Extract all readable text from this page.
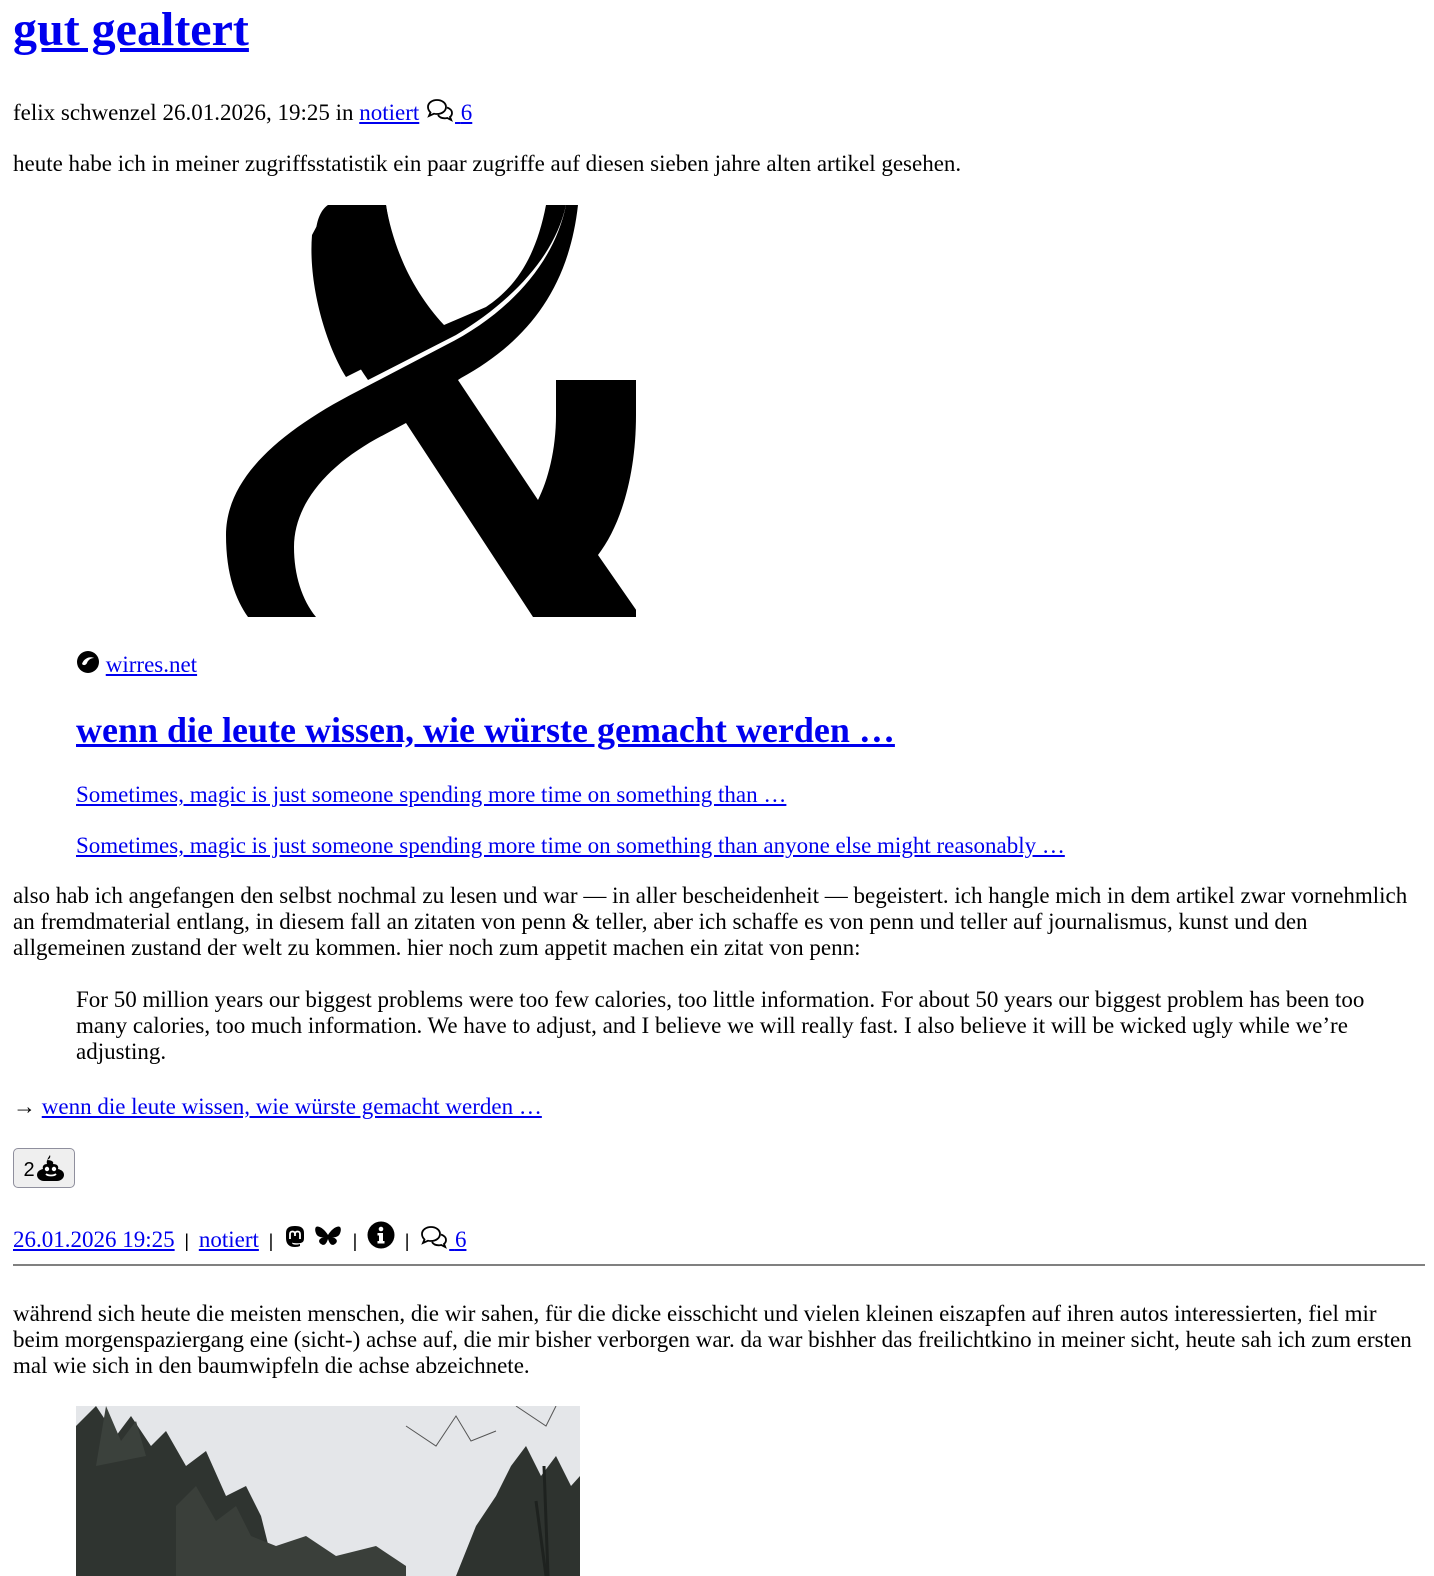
gut gealtert
felix schwenzel 26.01.2026, 19:25 in notiert 6

heute habe ich in meiner zugriffsstatistik ein paar zugriffe auf diesen sieben jahre alten artikel gesehen.

wirres.net
wenn die leute wissen, wie würste gemacht werden …
Sometimes, magic is just someone spending more time on something than …
Sometimes, magic is just someone spending more time on something than anyone else might reasonably …

also hab ich angefangen den selbst nochmal zu lesen und war — in aller bescheidenheit — begeistert. ich hangle mich in dem artikel zwar vornehmlich an fremdmaterial entlang, in diesem fall an zitaten von penn & teller, aber ich schaffe es von penn und teller auf journalismus, kunst und den allgemeinen zustand der welt zu kommen. hier noch zum appetit machen ein zitat von penn:

For 50 million years our biggest problems were too few calories, too little information. For about 50 years our biggest problem has been too many calories, too much information. We have to adjust, and I believe we will really fast. I also believe it will be wicked ugly while we’re adjusting.
→ wenn die leute wissen, wie würste gemacht werden …
2
26.01.2026 19:25 | notiert |	|	| 6

während sich heute die meisten menschen, die wir sahen, für die dicke eisschicht und vielen kleinen eiszapfen auf ihren autos interessierten, fiel mir beim morgenspaziergang eine (sicht-) achse auf, die mir bisher verborgen war. da war bishher das freilichtkino in meiner sicht, heute sah ich zum ersten mal wie sich in den baumwipfeln die achse abzeichnete.
